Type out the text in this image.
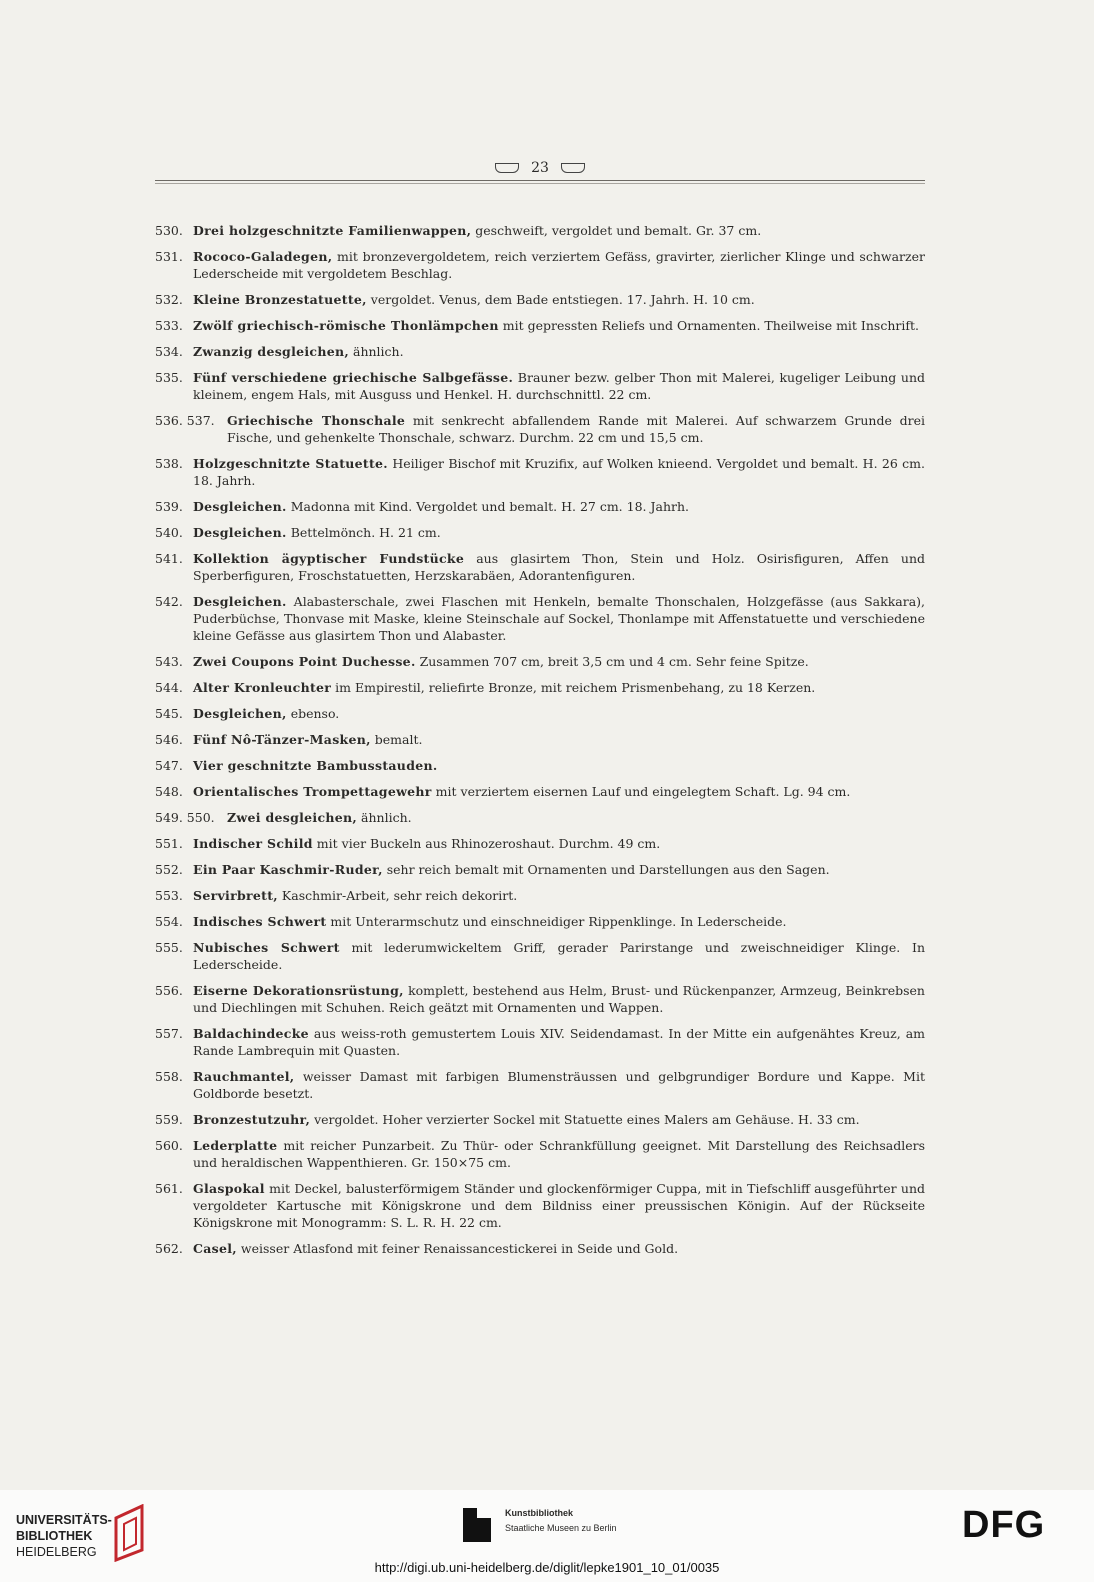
23
530. Drei holzgeschnitzte Familienwappen, geschweift, vergoldet und bemalt. Gr. 37 cm.
531. Rococo-Galadegen, mit bronzevergoldetem, reich verziertem Gefäss, gravirter, zierlicher Klinge und schwarzer Lederscheide mit vergoldetem Beschlag.
532. Kleine Bronzestatuette, vergoldet. Venus, dem Bade entstiegen. 17. Jahrh. H. 10 cm.
533. Zwölf griechisch-römische Thonlämpchen mit gepressten Reliefs und Ornamenten. Theilweise mit Inschrift.
534. Zwanzig desgleichen, ähnlich.
535. Fünf verschiedene griechische Salbgefässe. Brauner bezw. gelber Thon mit Malerei, kugeliger Leibung und kleinem, engem Hals, mit Ausguss und Henkel. H. durchschnittl. 22 cm.
536. 537. Griechische Thonschale mit senkrecht abfallendem Rande mit Malerei. Auf schwarzem Grunde drei Fische, und gehenkelte Thonschale, schwarz. Durchm. 22 cm und 15,5 cm.
538. Holzgeschnitzte Statuette. Heiliger Bischof mit Kruzifix, auf Wolken knieend. Vergoldet und bemalt. H. 26 cm. 18. Jahrh.
539. Desgleichen. Madonna mit Kind. Vergoldet und bemalt. H. 27 cm. 18. Jahrh.
540. Desgleichen. Bettelmönch. H. 21 cm.
541. Kollektion ägyptischer Fundstücke aus glasirtem Thon, Stein und Holz. Osirisfiguren, Affen und Sperberfiguren, Froschstatuetten, Herzskarabäen, Adorantenfiguren.
542. Desgleichen. Alabasterschale, zwei Flaschen mit Henkeln, bemalte Thonschalen, Holzgefässe (aus Sakkara), Puderbüchse, Thonvase mit Maske, kleine Steinschale auf Sockel, Thonlampe mit Affenstatuette und verschiedene kleine Gefässe aus glasirtem Thon und Alabaster.
543. Zwei Coupons Point Duchesse. Zusammen 707 cm, breit 3,5 cm und 4 cm. Sehr feine Spitze.
544. Alter Kronleuchter im Empirestil, reliefirte Bronze, mit reichem Prismenbehang, zu 18 Kerzen.
545. Desgleichen, ebenso.
546. Fünf Nô-Tänzer-Masken, bemalt.
547. Vier geschnitzte Bambusstauden.
548. Orientalisches Trompettagewehr mit verziertem eisernen Lauf und eingelegtem Schaft. Lg. 94 cm.
549. 550. Zwei desgleichen, ähnlich.
551. Indischer Schild mit vier Buckeln aus Rhinozeroshaut. Durchm. 49 cm.
552. Ein Paar Kaschmir-Ruder, sehr reich bemalt mit Ornamenten und Darstellungen aus den Sagen.
553. Servirbrett, Kaschmir-Arbeit, sehr reich dekorirt.
554. Indisches Schwert mit Unterarmschutz und einschneidiger Rippenklinge. In Lederscheide.
555. Nubisches Schwert mit lederumwickeltem Griff, gerader Parirstange und zweischneidiger Klinge. In Lederscheide.
556. Eiserne Dekorationsrüstung, komplett, bestehend aus Helm, Brust- und Rückenpanzer, Armzeug, Beinkrebsen und Diechlingen mit Schuhen. Reich geätzt mit Ornamenten und Wappen.
557. Baldachindecke aus weiss-roth gemustertem Louis XIV. Seidendamast. In der Mitte ein aufgenähtes Kreuz, am Rande Lambrequin mit Quasten.
558. Rauchmantel, weisser Damast mit farbigen Blumensträussen und gelbgrundiger Bordure und Kappe. Mit Goldborde besetzt.
559. Bronzestutzuhr, vergoldet. Hoher verzierter Sockel mit Statuette eines Malers am Gehäuse. H. 33 cm.
560. Lederplatte mit reicher Punzarbeit. Zu Thür- oder Schrankfüllung geeignet. Mit Darstellung des Reichsadlers und heraldischen Wappenthieren. Gr. 150×75 cm.
561. Glaspokal mit Deckel, balusterförmigem Ständer und glockenförmiger Cuppa, mit in Tiefschliff ausgeführter und vergoldeter Kartusche mit Königskrone und dem Bildniss einer preussischen Königin. Auf der Rückseite Königskrone mit Monogramm: S. L. R. H. 22 cm.
562. Casel, weisser Atlasfond mit feiner Renaissancestickerei in Seide und Gold.
UNIVERSITÄTS-
BIBLIOTHEK
HEIDELBERG
Kunstbibliothek
Staatliche Museen zu Berlin	DFG
http://digi.ub.uni-heidelberg.de/diglit/lepke1901_10_01/0035
